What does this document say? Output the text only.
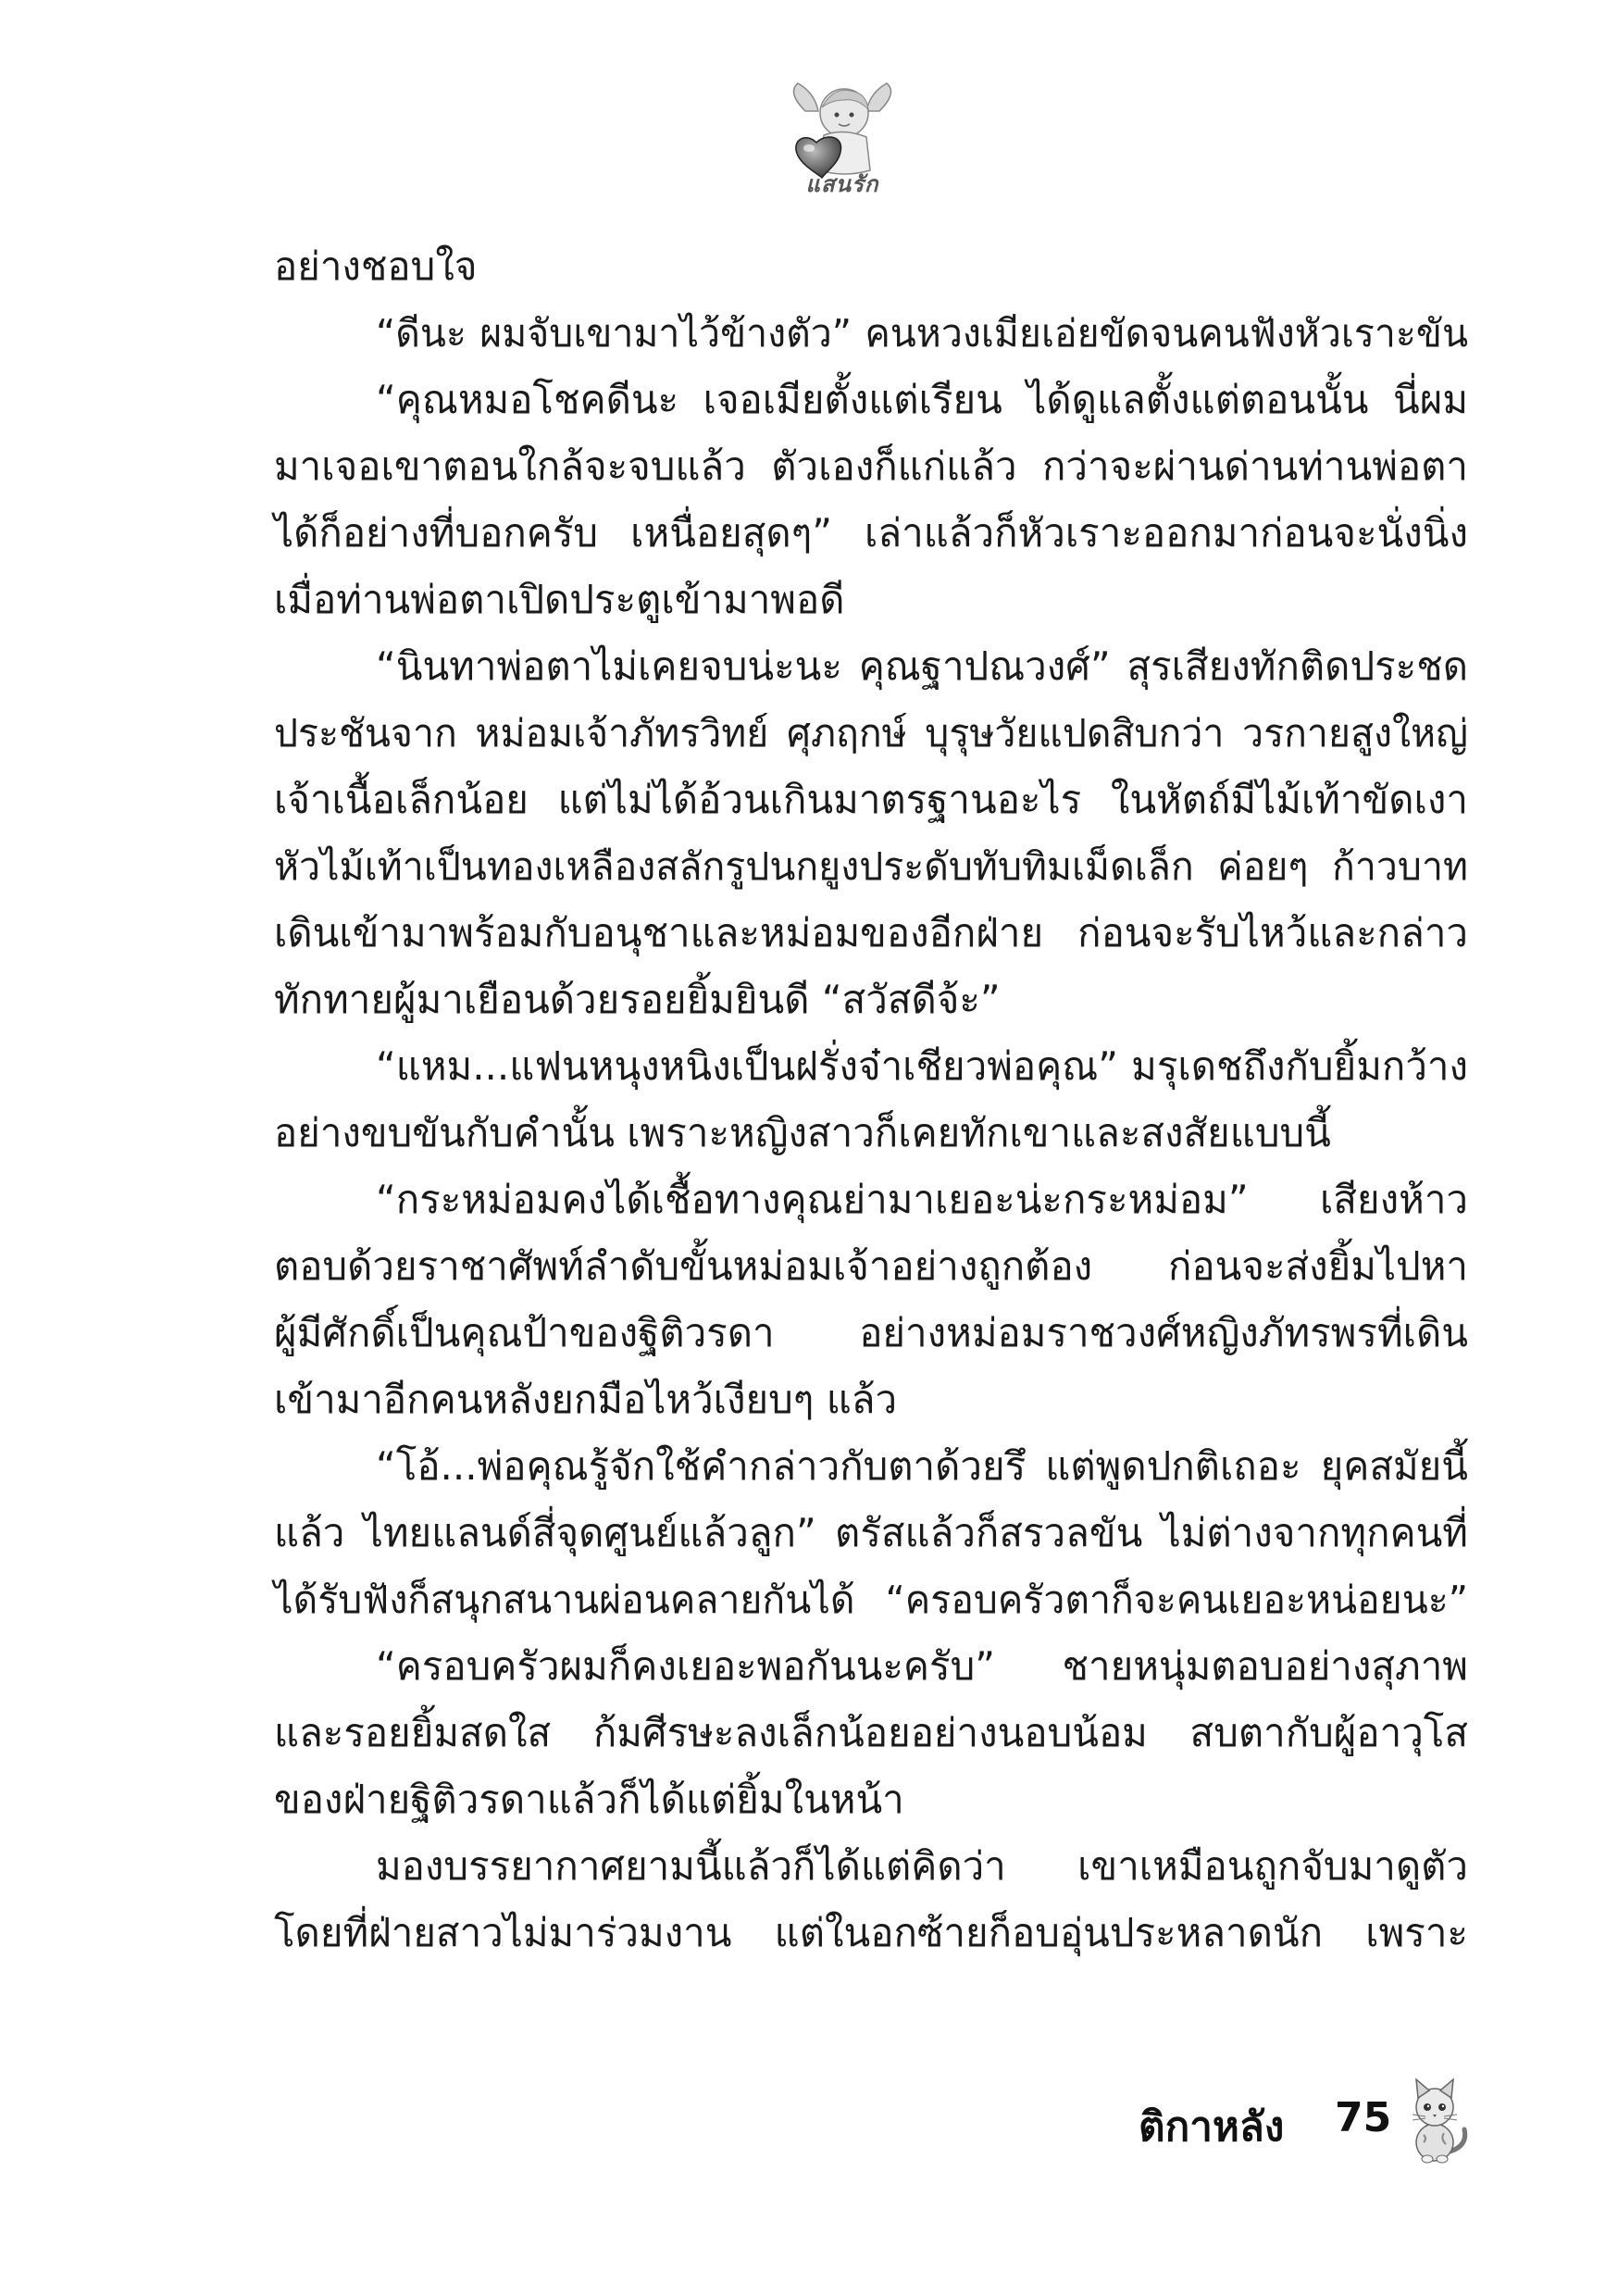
แสนรัก
อย่างชอบใจ
“ดีนะ ผมจับเขามาไว้ข้างตัว” คนหวงเมียเอ่ยขัดจนคนฟังหัวเราะขัน
“คุณหมอโชคดีนะ เจอเมียตั้งแต่เรียน ได้ดูแลตั้งแต่ตอนนั้น นี่ผม
มาเจอเขาตอนใกล้จะจบแล้ว ตัวเองก็แก่แล้ว กว่าจะผ่านด่านท่านพ่อตา
ได้ก็อย่างที่บอกครับ เหนื่อยสุดๆ” เล่าแล้วก็หัวเราะออกมาก่อนจะนั่งนิ่ง
เมื่อท่านพ่อตาเปิดประตูเข้ามาพอดี
“นินทาพ่อตาไม่เคยจบน่ะนะ คุณฐาปณวงศ์” สุรเสียงทักติดประชด
ประชันจาก หม่อมเจ้าภัทรวิทย์ ศุภฤกษ์ บุรุษวัยแปดสิบกว่า วรกายสูงใหญ่
เจ้าเนื้อเล็กน้อย แต่ไม่ได้อ้วนเกินมาตรฐานอะไร ในหัตถ์มีไม้เท้าขัดเงา
หัวไม้เท้าเป็นทองเหลืองสลักรูปนกยูงประดับทับทิมเม็ดเล็ก ค่อยๆ ก้าวบาท
เดินเข้ามาพร้อมกับอนุชาและหม่อมของอีกฝ่าย ก่อนจะรับไหว้และกล่าว
ทักทายผู้มาเยือนด้วยรอยยิ้มยินดี “สวัสดีจ้ะ”
“แหม...แฟนหนุงหนิงเป็นฝรั่งจ๋าเชียวพ่อคุณ” มรุเดชถึงกับยิ้มกว้าง
อย่างขบขันกับคำนั้น เพราะหญิงสาวก็เคยทักเขาและสงสัยแบบนี้
“กระหม่อมคงได้เชื้อทางคุณย่ามาเยอะน่ะกระหม่อม” เสียงห้าว
ตอบด้วยราชาศัพท์ลำดับขั้นหม่อมเจ้าอย่างถูกต้อง ก่อนจะส่งยิ้มไปหา
ผู้มีศักดิ์เป็นคุณป้าของฐิติวรดา อย่างหม่อมราชวงศ์หญิงภัทรพรที่เดิน
เข้ามาอีกคนหลังยกมือไหว้เงียบๆ แล้ว
“โอ้...พ่อคุณรู้จักใช้คำกล่าวกับตาด้วยรึ แต่พูดปกติเถอะ ยุคสมัยนี้
แล้ว ไทยแลนด์สี่จุดศูนย์แล้วลูก” ตรัสแล้วก็สรวลขัน ไม่ต่างจากทุกคนที่
ได้รับฟังก็สนุกสนานผ่อนคลายกันได้ “ครอบครัวตาก็จะคนเยอะหน่อยนะ”
“ครอบครัวผมก็คงเยอะพอกันนะครับ” ชายหนุ่มตอบอย่างสุภาพ
และรอยยิ้มสดใส ก้มศีรษะลงเล็กน้อยอย่างนอบน้อม สบตากับผู้อาวุโส
ของฝ่ายฐิติวรดาแล้วก็ได้แต่ยิ้มในหน้า
มองบรรยากาศยามนี้แล้วก็ได้แต่คิดว่า เขาเหมือนถูกจับมาดูตัว
โดยที่ฝ่ายสาวไม่มาร่วมงาน แต่ในอกซ้ายก็อบอุ่นประหลาดนัก เพราะ
ติกาหลัง 75
